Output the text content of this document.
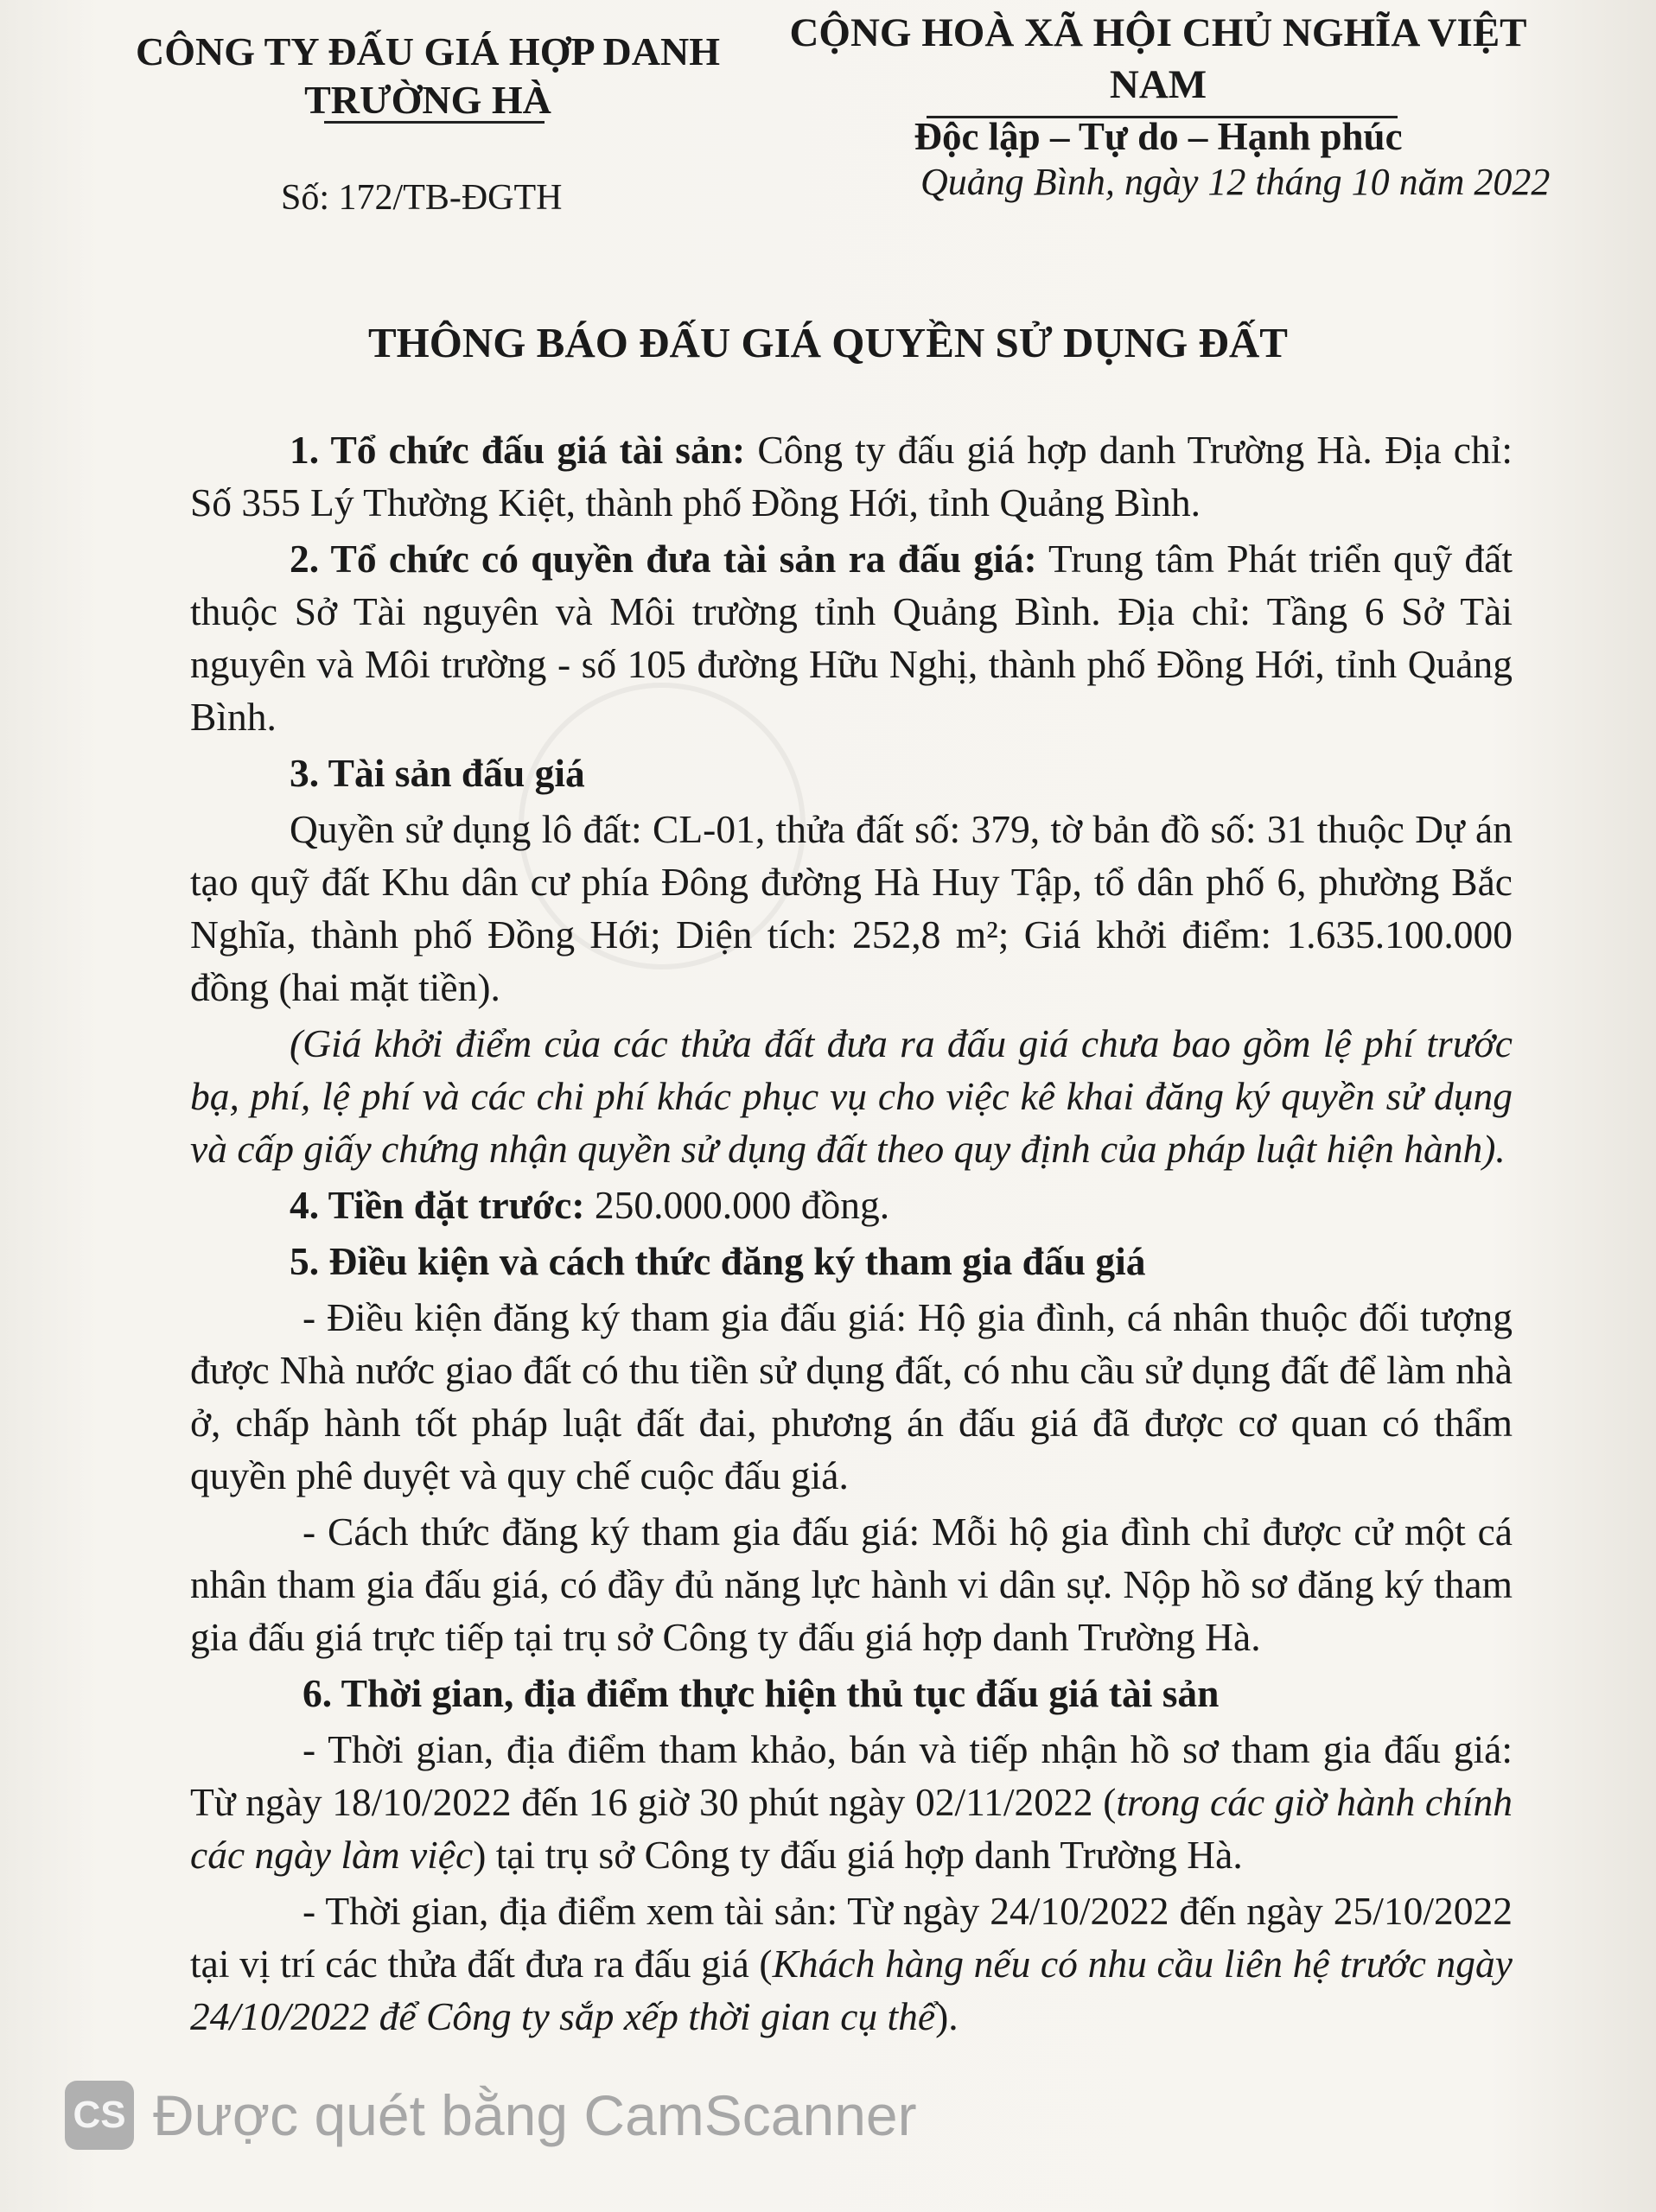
CÔNG TY ĐẤU GIÁ HỢP DANH
TRƯỜNG HÀ
CỘNG HOÀ XÃ HỘI CHỦ NGHĨA VIỆT NAM
Độc lập – Tự do – Hạnh phúc
Số: 172/TB-ĐGTH	Quảng Bình, ngày 12 tháng 10 năm 2022
THÔNG BÁO ĐẤU GIÁ QUYỀN SỬ DỤNG ĐẤT

1. Tổ chức đấu giá tài sản: Công ty đấu giá hợp danh Trường Hà. Địa chỉ: Số 355 Lý Thường Kiệt, thành phố Đồng Hới, tỉnh Quảng Bình.

2. Tổ chức có quyền đưa tài sản ra đấu giá: Trung tâm Phát triển quỹ đất thuộc Sở Tài nguyên và Môi trường tỉnh Quảng Bình. Địa chỉ: Tầng 6 Sở Tài nguyên và Môi trường - số 105 đường Hữu Nghị, thành phố Đồng Hới, tỉnh Quảng Bình.

3. Tài sản đấu giá

Quyền sử dụng lô đất: CL-01, thửa đất số: 379, tờ bản đồ số: 31 thuộc Dự án tạo quỹ đất Khu dân cư phía Đông đường Hà Huy Tập, tổ dân phố 6, phường Bắc Nghĩa, thành phố Đồng Hới; Diện tích: 252,8 m²; Giá khởi điểm: 1.635.100.000 đồng (hai mặt tiền).

(Giá khởi điểm của các thửa đất đưa ra đấu giá chưa bao gồm lệ phí trước bạ, phí, lệ phí và các chi phí khác phục vụ cho việc kê khai đăng ký quyền sử dụng và cấp giấy chứng nhận quyền sử dụng đất theo quy định của pháp luật hiện hành).

4. Tiền đặt trước: 250.000.000 đồng.

5. Điều kiện và cách thức đăng ký tham gia đấu giá

- Điều kiện đăng ký tham gia đấu giá: Hộ gia đình, cá nhân thuộc đối tượng được Nhà nước giao đất có thu tiền sử dụng đất, có nhu cầu sử dụng đất để làm nhà ở, chấp hành tốt pháp luật đất đai, phương án đấu giá đã được cơ quan có thẩm quyền phê duyệt và quy chế cuộc đấu giá.

- Cách thức đăng ký tham gia đấu giá: Mỗi hộ gia đình chỉ được cử một cá nhân tham gia đấu giá, có đầy đủ năng lực hành vi dân sự. Nộp hồ sơ đăng ký tham gia đấu giá trực tiếp tại trụ sở Công ty đấu giá hợp danh Trường Hà.

6. Thời gian, địa điểm thực hiện thủ tục đấu giá tài sản

- Thời gian, địa điểm tham khảo, bán và tiếp nhận hồ sơ tham gia đấu giá: Từ ngày 18/10/2022 đến 16 giờ 30 phút ngày 02/11/2022 (trong các giờ hành chính các ngày làm việc) tại trụ sở Công ty đấu giá hợp danh Trường Hà.

- Thời gian, địa điểm xem tài sản: Từ ngày 24/10/2022 đến ngày 25/10/2022 tại vị trí các thửa đất đưa ra đấu giá (Khách hàng nếu có nhu cầu liên hệ trước ngày 24/10/2022 để Công ty sắp xếp thời gian cụ thể).

CS Được quét bằng CamScanner
